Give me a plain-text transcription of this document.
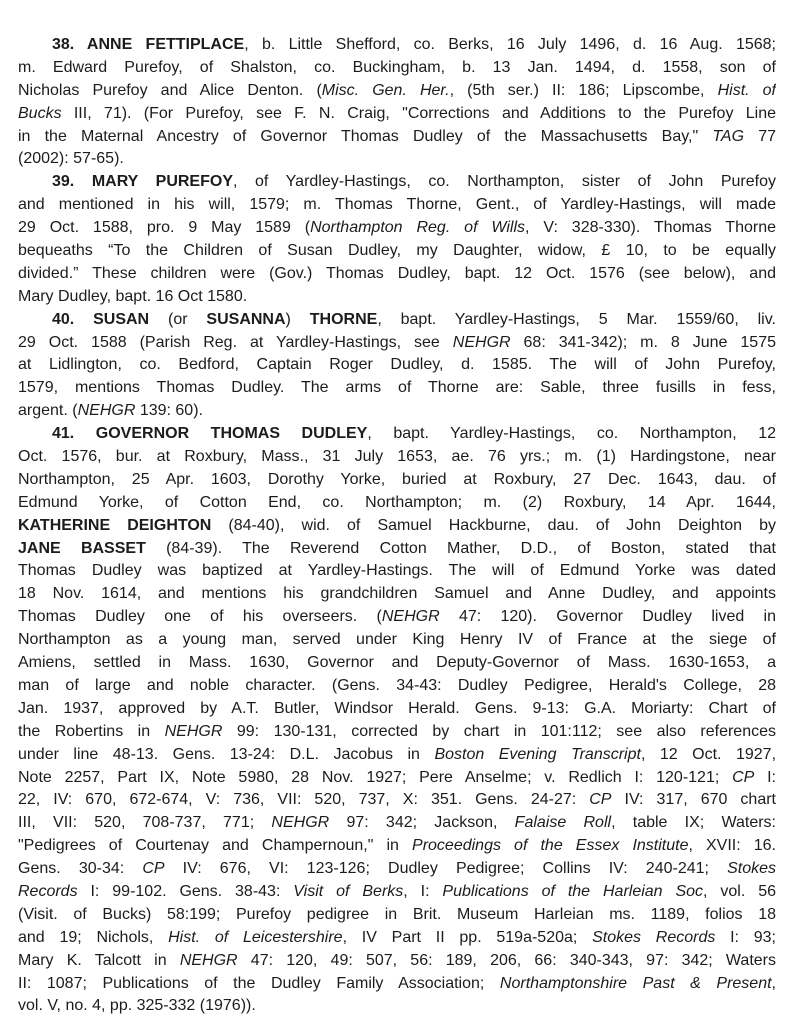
38. ANNE FETTIPLACE, b. Little Shefford, co. Berks, 16 July 1496, d. 16 Aug. 1568;
m. Edward Purefoy, of Shalston, co. Buckingham, b. 13 Jan. 1494, d. 1558, son of
Nicholas Purefoy and Alice Denton. (Misc. Gen. Her., (5th ser.) II: 186; Lipscombe, Hist. of
Bucks III, 71). (For Purefoy, see F. N. Craig, "Corrections and Additions to the Purefoy Line
in the Maternal Ancestry of Governor Thomas Dudley of the Massachusetts Bay," TAG 77
(2002): 57-65).
39. MARY PUREFOY, of Yardley-Hastings, co. Northampton, sister of John Purefoy
and mentioned in his will, 1579; m. Thomas Thorne, Gent., of Yardley-Hastings, will made
29 Oct. 1588, pro. 9 May 1589 (Northampton Reg. of Wills, V: 328-330). Thomas Thorne
bequeaths “To the Children of Susan Dudley, my Daughter, widow, £ 10, to be equally
divided.” These children were (Gov.) Thomas Dudley, bapt. 12 Oct. 1576 (see below), and
Mary Dudley, bapt. 16 Oct 1580.
40. SUSAN (or SUSANNA) THORNE, bapt. Yardley-Hastings, 5 Mar. 1559/60, liv.
29 Oct. 1588 (Parish Reg. at Yardley-Hastings, see NEHGR 68: 341-342); m. 8 June 1575
at Lidlington, co. Bedford, Captain Roger Dudley, d. 1585. The will of John Purefoy,
1579, mentions Thomas Dudley. The arms of Thorne are: Sable, three fusills in fess,
argent. (NEHGR 139: 60).
41. GOVERNOR THOMAS DUDLEY, bapt. Yardley-Hastings, co. Northampton, 12
Oct. 1576, bur. at Roxbury, Mass., 31 July 1653, ae. 76 yrs.; m. (1) Hardingstone, near
Northampton, 25 Apr. 1603, Dorothy Yorke, buried at Roxbury, 27 Dec. 1643, dau. of
Edmund Yorke, of Cotton End, co. Northampton; m. (2) Roxbury, 14 Apr. 1644,
KATHERINE DEIGHTON (84-40), wid. of Samuel Hackburne, dau. of John Deighton by
JANE BASSET (84-39). The Reverend Cotton Mather, D.D., of Boston, stated that
Thomas Dudley was baptized at Yardley-Hastings. The will of Edmund Yorke was dated
18 Nov. 1614, and mentions his grandchildren Samuel and Anne Dudley, and appoints
Thomas Dudley one of his overseers. (NEHGR 47: 120). Governor Dudley lived in
Northampton as a young man, served under King Henry IV of France at the siege of
Amiens, settled in Mass. 1630, Governor and Deputy-Governor of Mass. 1630-1653, a
man of large and noble character. (Gens. 34-43: Dudley Pedigree, Herald's College, 28
Jan. 1937, approved by A.T. Butler, Windsor Herald. Gens. 9-13: G.A. Moriarty: Chart of
the Robertins in NEHGR 99: 130-131, corrected by chart in 101:112; see also references
under line 48-13. Gens. 13-24: D.L. Jacobus in Boston Evening Transcript, 12 Oct. 1927,
Note 2257, Part IX, Note 5980, 28 Nov. 1927; Pere Anselme; v. Redlich I: 120-121; CP I:
22, IV: 670, 672-674, V: 736, VII: 520, 737, X: 351. Gens. 24-27: CP IV: 317, 670 chart
III, VII: 520, 708-737, 771; NEHGR 97: 342; Jackson, Falaise Roll, table IX; Waters:
"Pedigrees of Courtenay and Champernoun," in Proceedings of the Essex Institute, XVII: 16.
Gens. 30-34: CP IV: 676, VI: 123-126; Dudley Pedigree; Collins IV: 240-241; Stokes
Records I: 99-102. Gens. 38-43: Visit of Berks, I: Publications of the Harleian Soc, vol. 56
(Visit. of Bucks) 58:199; Purefoy pedigree in Brit. Museum Harleian ms. 1189, folios 18
and 19; Nichols, Hist. of Leicestershire, IV Part II pp. 519a-520a; Stokes Records I: 93;
Mary K. Talcott in NEHGR 47: 120, 49: 507, 56: 189, 206, 66: 340-343, 97: 342; Waters
II: 1087; Publications of the Dudley Family Association; Northamptonshire Past & Present,
vol. V, no. 4, pp. 325-332 (1976)).
